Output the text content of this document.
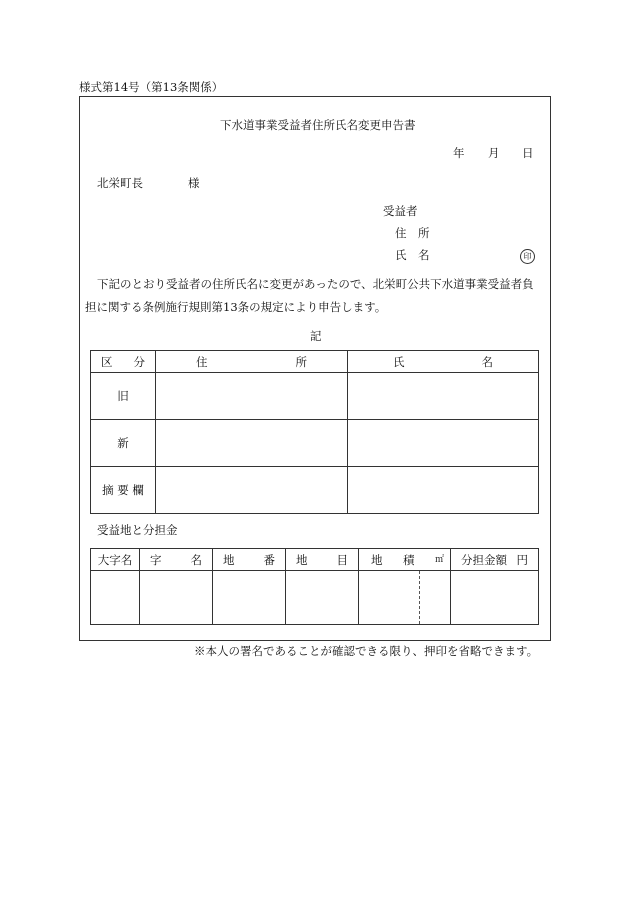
様式第14号（第13条関係）
下水道事業受益者住所氏名変更申告書
年 月 日
北栄町長	様
受益者
住　所
氏　名	印
下記のとおり受益者の住所氏名に変更があったので、北栄町公共下水道事業受益者負
担に関する条例施行規則第13条の規定により申告します。
記
区 分	住 所	氏 名

旧		
新		
摘 要 欄		
受益地と分担金
大字名	字 名	地 番	地 目	地 積 ㎡	分担金額 円

※本人の署名であることが確認できる限り、押印を省略できます。
